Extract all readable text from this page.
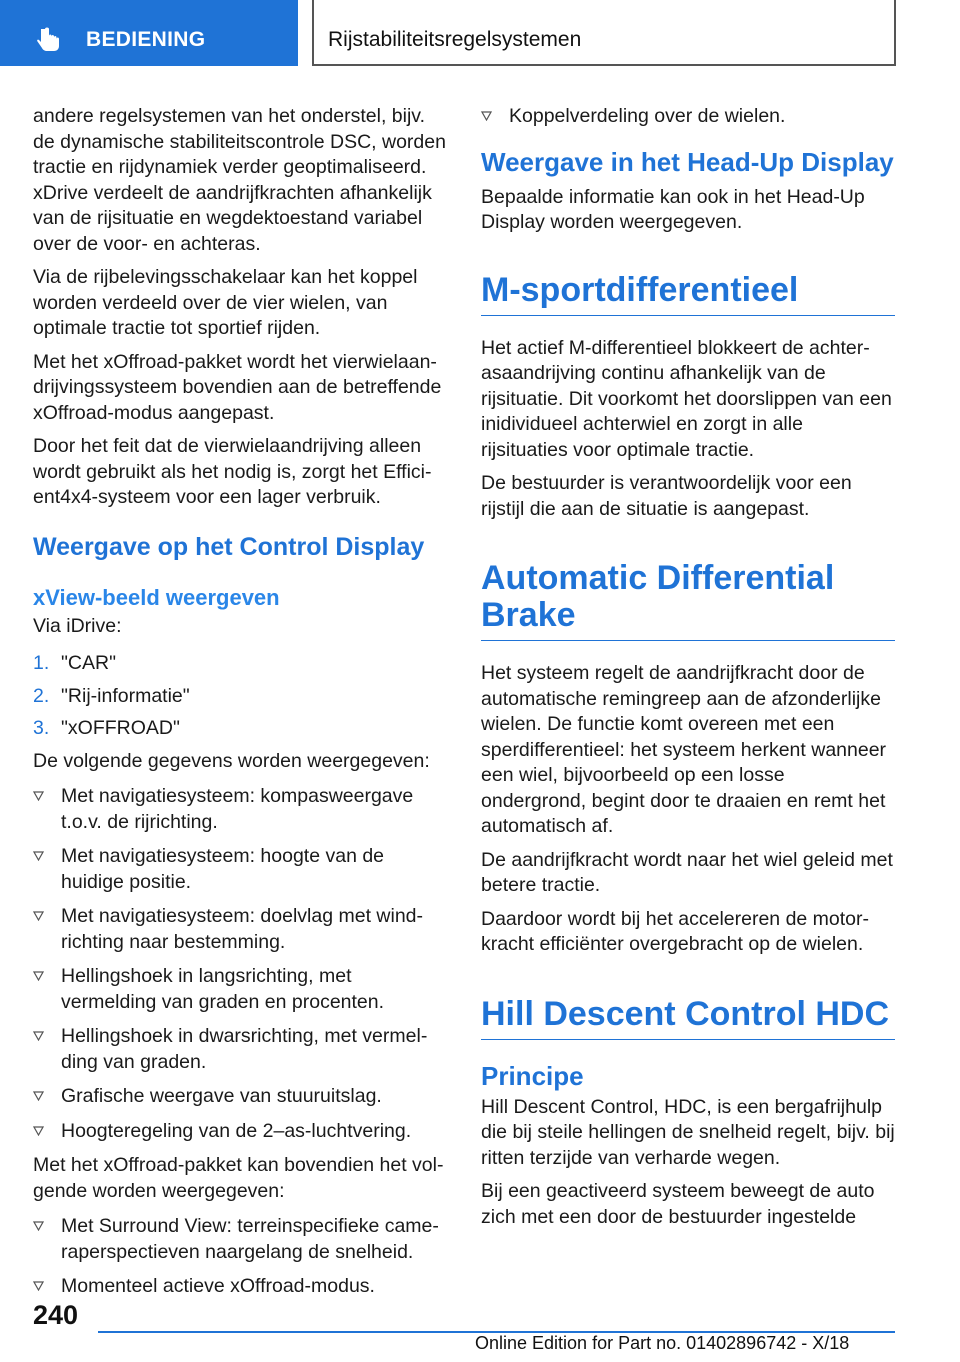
BEDIENING	Rijstabiliteitsregelsystemen

andere regelsystemen van het onderstel, bijv. de dynamische stabiliteitscontrole DSC, worden tractie en rijdynamiek verder geoptimaliseerd. xDrive verdeelt de aandrijfkrachten afhankelijk van de rijsituatie en wegdektoestand variabel over de voor- en achteras.

Via de rijbelevingsschakelaar kan het koppel worden verdeeld over de vier wielen, van optimale tractie tot sportief rijden.

Met het xOffroad-pakket wordt het vierwielaandrijvingssysteem bovendien aan de betreffende xOffroad-modus aangepast.

Door het feit dat de vierwielaandrijving alleen wordt gebruikt als het nodig is, zorgt het Efficient4x4-systeem voor een lager verbruik.

Weergave op het Control Display
xView-beeld weergeven

Via iDrive:

1. "CAR"
2. "Rij-informatie"
3. "xOFFROAD"

De volgende gegevens worden weergegeven:

Met navigatiesysteem: kompasweergave t.o.v. de rijrichting.
Met navigatiesysteem: hoogte van de huidige positie.
Met navigatiesysteem: doelvlag met windrichting naar bestemming.
Hellingshoek in langsrichting, met vermelding van graden en procenten.
Hellingshoek in dwarsrichting, met vermelding van graden.
Grafische weergave van stuuruitslag.
Hoogteregeling van de 2–as-luchtvering.

Met het xOffroad-pakket kan bovendien het volgende worden weergegeven:

Met Surround View: terreinspecifieke cameraperspectieven naargelang de snelheid.
Momenteel actieve xOffroad-modus.
Koppelverdeling over de wielen.
Weergave in het Head-Up Display

Bepaalde informatie kan ook in het Head-Up Display worden weergegeven.

M-sportdifferentieel

Het actief M-differentieel blokkeert de achterasaandrijving continu afhankelijk van de rijsituatie. Dit voorkomt het doorslippen van een inidividueel achterwiel en zorgt in alle rijsituaties voor optimale tractie.

De bestuurder is verantwoordelijk voor een rijstijl die aan de situatie is aangepast.

Automatic Differential Brake

Het systeem regelt de aandrijfkracht door de automatische remingreep aan de afzonderlijke wielen. De functie komt overeen met een sperdifferentieel: het systeem herkent wanneer een wiel, bijvoorbeeld op een losse ondergrond, begint door te draaien en remt het automatisch af.

De aandrijfkracht wordt naar het wiel geleid met betere tractie.

Daardoor wordt bij het accelereren de motorkracht efficiënter overgebracht op de wielen.

Hill Descent Control HDC
Principe

Hill Descent Control, HDC, is een bergafrijhulp die bij steile hellingen de snelheid regelt, bijv. bij ritten terzijde van verharde wegen.

Bij een geactiveerd systeem beweegt de auto zich met een door de bestuurder ingestelde

240
Online Edition for Part no. 01402896742 - X/18
